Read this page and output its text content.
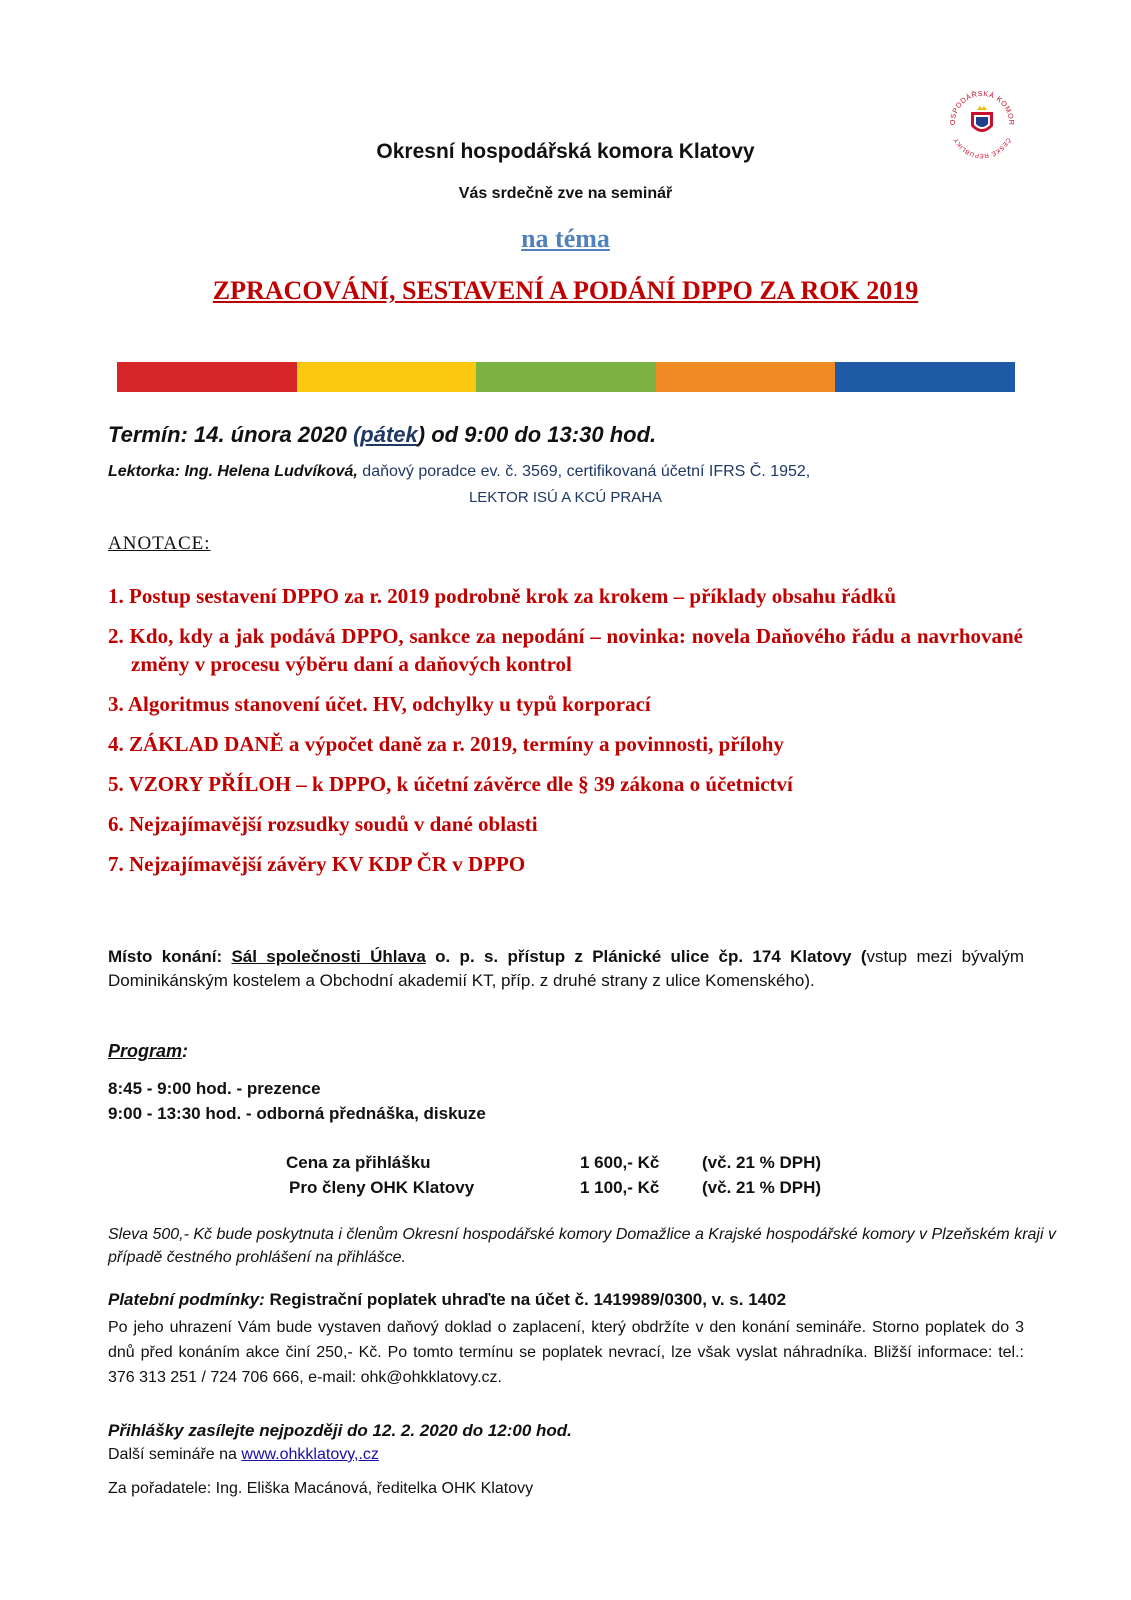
OSPODÁŘSKÁ KOMOR
ČESKÉ REPUBLIKY
Okresní hospodářská komora Klatovy
Vás srdečně zve na seminář
na téma
ZPRACOVÁNÍ, SESTAVENÍ A PODÁNÍ DPPO ZA ROK 2019
Termín: 14. února 2020 (pátek) od 9:00 do 13:30 hod.
Lektorka: Ing. Helena Ludvíková, daňový poradce ev. č. 3569, certifikovaná účetní IFRS Č. 1952,
LEKTOR ISÚ A KCÚ PRAHA
ANOTACE:
1. Postup sestavení DPPO za r. 2019 podrobně krok za krokem – příklady obsahu řádků
2. Kdo, kdy a jak podává DPPO, sankce za nepodání – novinka: novela Daňového řádu a navrhované změny v procesu výběru daní a daňových kontrol
3. Algoritmus stanovení účet. HV, odchylky u typů korporací
4. ZÁKLAD DANĚ a výpočet daně za r. 2019, termíny a povinnosti, přílohy
5. VZORY PŘÍLOH – k DPPO, k účetní závěrce dle § 39 zákona o účetnictví
6. Nejzajímavější rozsudky soudů v dané oblasti
7. Nejzajímavější závěry KV KDP ČR v DPPO
Místo konání: Sál společnosti Úhlava o. p. s. přístup z Plánické ulice čp. 174 Klatovy (vstup mezi bývalým Dominikánským kostelem a Obchodní akademií KT, příp. z druhé strany z ulice Komenského).
Program:
8:45 - 9:00 hod. - prezence
9:00 - 13:30 hod. - odborná přednáška, diskuze
Cena za přihlášku	1 600,- Kč	(vč. 21 % DPH)
Pro členy OHK Klatovy	1 100,- Kč	(vč. 21 % DPH)
Sleva 500,- Kč bude poskytnuta i členům Okresní hospodářské komory Domažlice a Krajské hospodářské komory v Plzeňském kraji v případě čestného prohlášení na přihlášce.
Platební podmínky: Registrační poplatek uhraďte na účet č. 1419989/0300, v. s. 1402
Po jeho uhrazení Vám bude vystaven daňový doklad o zaplacení, který obdržíte v den konání semináře. Storno poplatek do 3 dnů před konáním akce činí 250,- Kč. Po tomto termínu se poplatek nevrací, lze však vyslat náhradníka. Bližší informace: tel.: 376 313 251 / 724 706 666, e-mail: ohk@ohkklatovy.cz.
Přihlášky zasílejte nejpozději do 12. 2. 2020 do 12:00 hod.
Další semináře na www.ohkklatovy,.cz
Za pořadatele: Ing. Eliška Macánová, ředitelka OHK Klatovy
